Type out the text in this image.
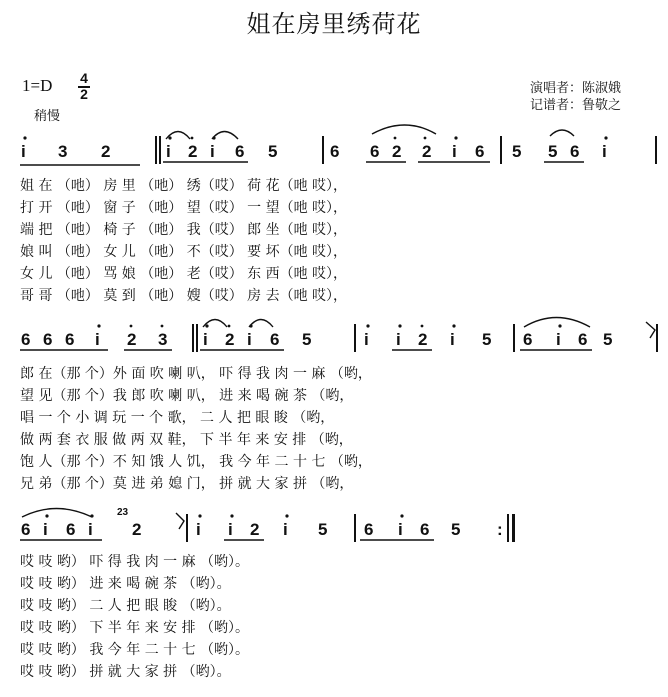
姐在房里绣荷花
1=D 4
2
稍慢
演唱者：陈淑娥
记谱者：鲁敬之
i 3 2	i 2 i 6 5	6 6 2 2 i 6 5 5 6 i
姐 在 （吔） 房 里 （吔） 绣（哎） 荷 花（吔 哎），
打 开 （吔） 窗 子 （吔） 望（哎） 一 望（吔 哎），
端 把 （吔） 椅 子 （吔） 我（哎） 郎 坐（吔 哎），
娘 叫 （吔） 女 儿 （吔） 不（哎） 要 坏（吔 哎），
女 儿 （吔） 骂 娘 （吔） 老（哎） 东 西（吔 哎），
哥 哥 （吔） 莫 到 （吔） 嫂（哎） 房 去（吔 哎），
6 6 6 i 2 3 i 2 i 6 5	i i 2 i 5 6 i 6 5
郎 在（那 个）外 面 吹 喇 叭， 吓 得 我 肉 一 麻 （哟，
望 见（那 个）我 郎 吹 喇 叭， 进 来 喝 碗 茶 （哟，
唱 一 个 小 调 玩 一 个 歌， 二 人 把 眼 睃 （哟，
做 两 套 衣 服 做 两 双 鞋， 下 半 年 来 安 排 （哟，
饱 人（那 个）不 知 饿 人 饥， 我 今 年 二 十 七 （哟，
兄 弟（那 个）莫 进 弟 媳 门， 拼 就 大 家 拼 （哟，
6 i 6 i 2	i i 2 i 5 6 i 6 5 :
23
哎 吱 哟） 吓 得 我 肉 一 麻 （哟）。
哎 吱 哟） 进 来 喝 碗 茶 （哟）。
哎 吱 哟） 二 人 把 眼 睃 （哟）。
哎 吱 哟） 下 半 年 来 安 排 （哟）。
哎 吱 哟） 我 今 年 二 十 七 （哟）。
哎 吱 哟） 拼 就 大 家 拼 （哟）。
